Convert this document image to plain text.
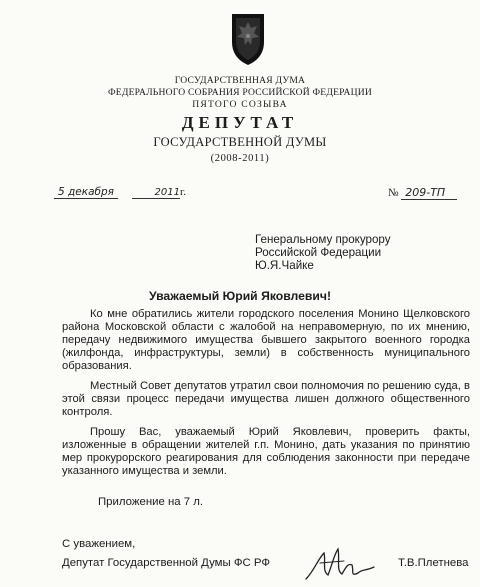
ГОСУДАРСТВЕННАЯ ДУМА
ФЕДЕРАЛЬНОГО СОБРАНИЯ РОССИЙСКОЙ ФЕДЕРАЦИИ
ПЯТОГО СОЗЫВА
ДЕПУТАТ
ГОСУДАРСТВЕННОЙ ДУМЫ
(2008-2011)
5 декабря	2011г.	№ 209-ТП
Генеральному прокурору
Российской Федерации
Ю.Я.Чайке
Уважаемый Юрий Яковлевич!

Ко мне обратились жители городского поселения Монино Щелковского района Московской области с жалобой на неправомерную, по их мнению, передачу недвижимого имущества бывшего закрытого военного городка (жилфонда, инфраструктуры, земли) в собственность муниципального образования.

Местный Совет депутатов утратил свои полномочия по решению суда, в этой связи процесс передачи имущества лишен должного общественного контроля.

Прошу Вас, уважаемый Юрий Яковлевич, проверить факты, изложенные в обращении жителей г.п. Монино, дать указания по принятию мер прокурорского реагирования для соблюдения законности при передаче указанного имущества и земли.

Приложение на 7 л.
С уважением,
Депутат Государственной Думы ФС РФ	Т.В.Плетнева
